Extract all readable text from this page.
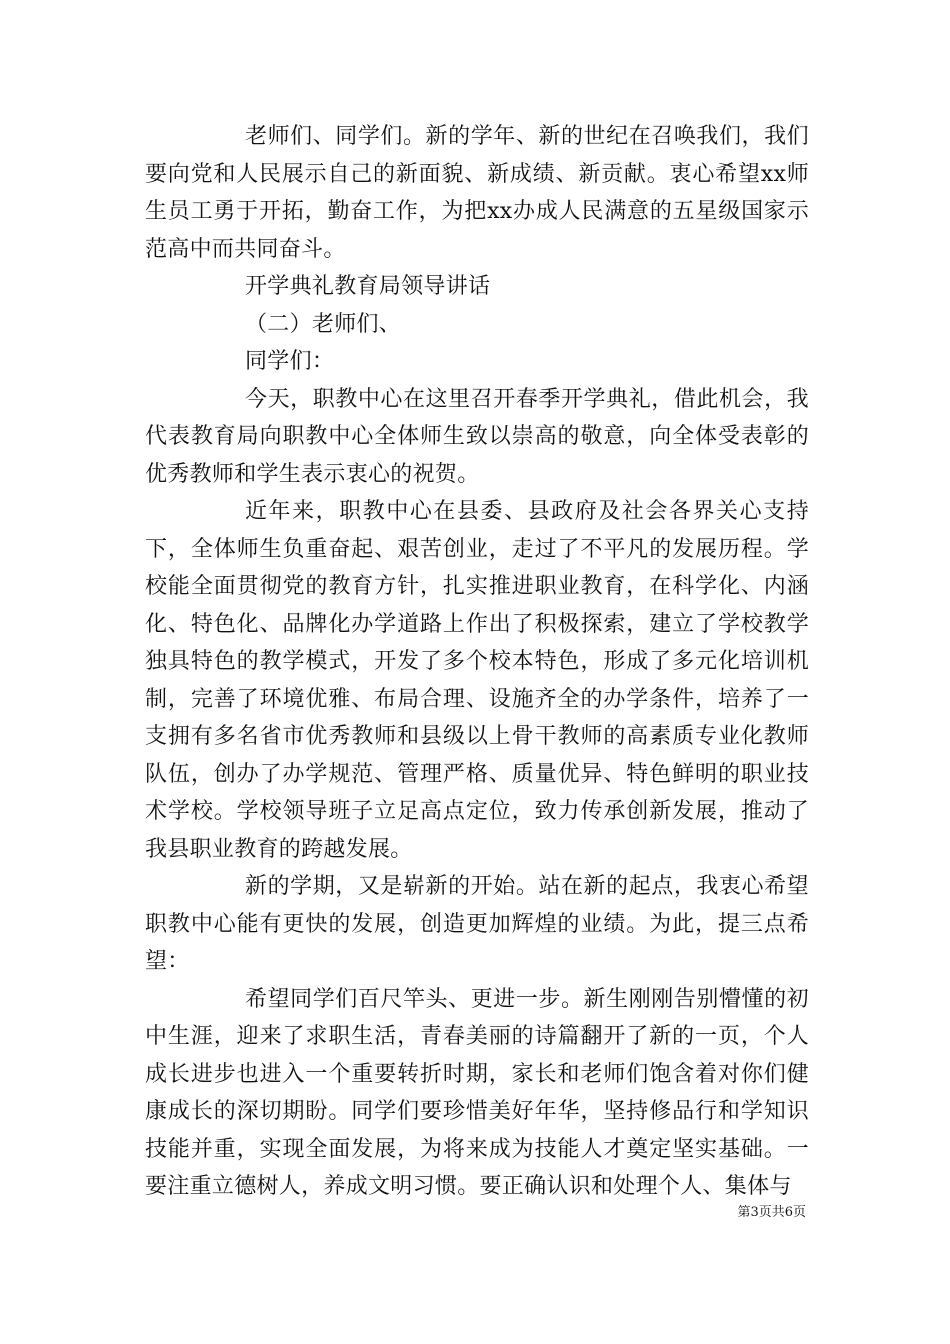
老师们、同学们。新的学年、新的世纪在召唤我们，我们要向党和人民展示自己的新面貌、新成绩、新贡献。衷心希望xx师生员工勇于开拓，勤奋工作，为把xx办成人民满意的五星级国家示范高中而共同奋斗。

开学典礼教育局领导讲话

（二）老师们、

同学们：

今天，职教中心在这里召开春季开学典礼，借此机会，我代表教育局向职教中心全体师生致以崇高的敬意，向全体受表彰的优秀教师和学生表示衷心的祝贺。

近年来，职教中心在县委、县政府及社会各界关心支持下，全体师生负重奋起、艰苦创业，走过了不平凡的发展历程。学校能全面贯彻党的教育方针，扎实推进职业教育，在科学化、内涵化、特色化、品牌化办学道路上作出了积极探索，建立了学校教学独具特色的教学模式，开发了多个校本特色，形成了多元化培训机制，完善了环境优雅、布局合理、设施齐全的办学条件，培养了一支拥有多名省市优秀教师和县级以上骨干教师的高素质专业化教师队伍，创办了办学规范、管理严格、质量优异、特色鲜明的职业技术学校。学校领导班子立足高点定位，致力传承创新发展，推动了我县职业教育的跨越发展。

新的学期，又是崭新的开始。站在新的起点，我衷心希望职教中心能有更快的发展，创造更加辉煌的业绩。为此，提三点希望：

希望同学们百尺竿头、更进一步。新生刚刚告别懵懂的初中生涯，迎来了求职生活，青春美丽的诗篇翻开了新的一页，个人成长进步也进入一个重要转折时期，家长和老师们饱含着对你们健康成长的深切期盼。同学们要珍惜美好年华，坚持修品行和学知识技能并重，实现全面发展，为将来成为技能人才奠定坚实基础。一要注重立德树人，养成文明习惯。要正确认识和处理个人、集体与

第3页共6页
